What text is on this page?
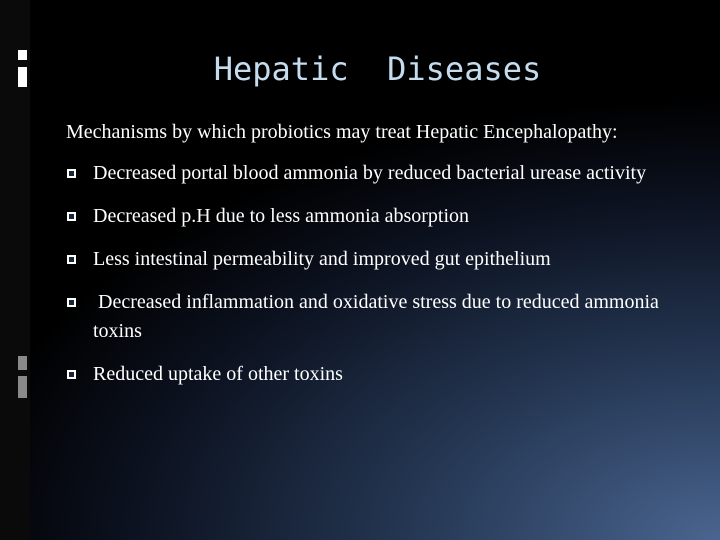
Hepatic  Diseases

Mechanisms by which probiotics may treat Hepatic Encephalopathy:

Decreased portal blood ammonia by reduced bacterial urease activity
Decreased p.H due to less ammonia absorption
Less intestinal permeability and improved gut epithelium
Decreased inflammation and oxidative stress due to reduced ammonia toxins
Reduced uptake of other toxins
